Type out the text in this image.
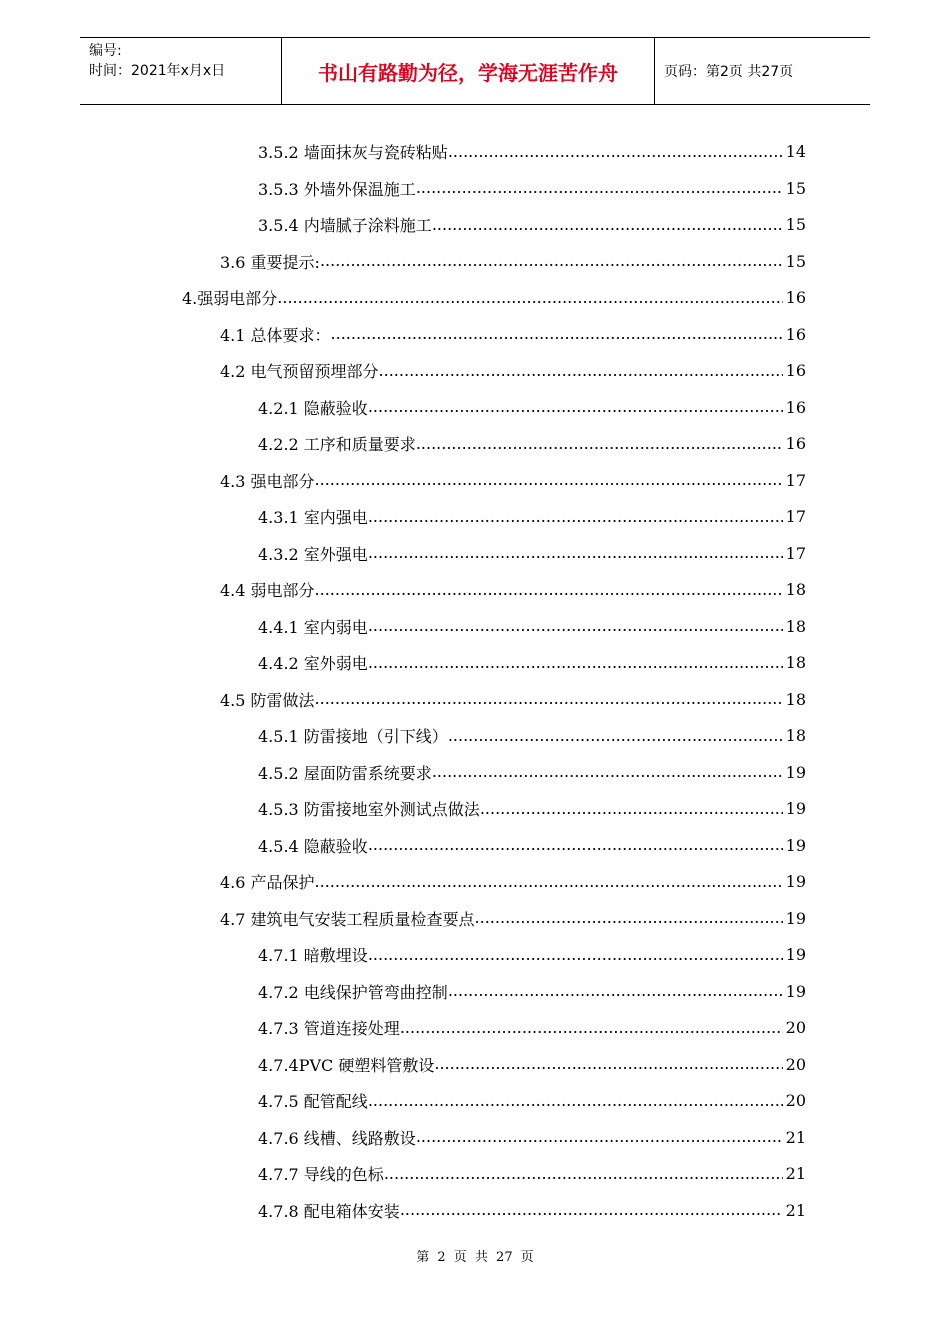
编号:
时间：2021年x月x日	书山有路勤为径，学海无涯苦作舟	页码：第2页 共27页
3.5.2 墙面抹灰与瓷砖粘贴 .....	14
3.5.3 外墙外保温施工 .....	15
3.5.4 内墙腻子涂料施工 .....	15
3.6 重要提示: .....	15
4.强弱电部分 .....	16
4.1 总体要求： .....	16
4.2 电气预留预埋部分 .....	16
4.2.1 隐蔽验收 .....	16
4.2.2 工序和质量要求 .....	16
4.3 强电部分 .....	17
4.3.1 室内强电 .....	17
4.3.2 室外强电 .....	17
4.4 弱电部分 .....	18
4.4.1 室内弱电 .....	18
4.4.2 室外弱电 .....	18
4.5 防雷做法 .....	18
4.5.1 防雷接地（引下线） .....	18
4.5.2 屋面防雷系统要求 .....	19
4.5.3 防雷接地室外测试点做法 .....	19
4.5.4 隐蔽验收 .....	19
4.6 产品保护 .....	19
4.7 建筑电气安装工程质量检查要点 .....	19
4.7.1 暗敷埋设 .....	19
4.7.2 电线保护管弯曲控制 .....	19
4.7.3 管道连接处理 .....	20
4.7.4PVC 硬塑料管敷设 .....	20
4.7.5 配管配线 .....	20
4.7.6 线槽、线路敷设 .....	21
4.7.7 导线的色标 .....	21
4.7.8 配电箱体安装 .....	21
第 2 页 共 27 页
